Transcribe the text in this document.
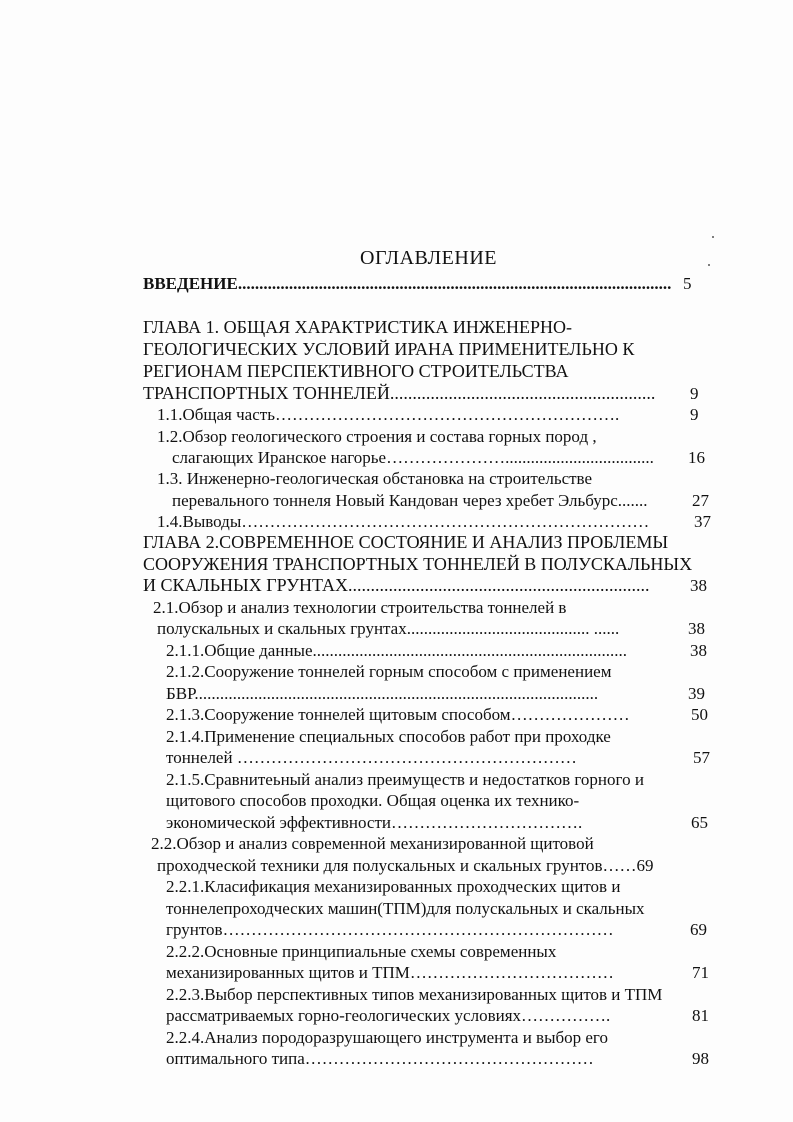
ОГЛАВЛЕНИЕ
ВВЕДЕНИЕ...................................................................................................... 5
ГЛАВА 1. ОБЩАЯ ХАРАКТРИСТИКА ИНЖЕНЕРНО-
ГЕОЛОГИЧЕСКИХ УСЛОВИЙ ИРАНА ПРИМЕНИТЕЛЬНО К
РЕГИОНАМ ПЕРСПЕКТИВНОГО СТРОИТЕЛЬСТВА
ТРАНСПОРТНЫХ ТОННЕЛЕЙ........................................................... 9
1.1.Общая часть…………………………………………………….	9
1.2.Обзор геологического строения и состава горных пород ,
слагающих Иранское нагорье…………………................................... 16
1.3. Инженерно-геологическая обстановка на строительстве
перевального тоннеля Новый Кандован через хребет Эльбурс.......	27
1.4.Выводы………………………………………………………………	37
ГЛАВА 2.СОВРЕМЕННОЕ СОСТОЯНИЕ И АНАЛИЗ ПРОБЛЕМЫ
СООРУЖЕНИЯ ТРАНСПОРТНЫХ ТОННЕЛЕЙ В ПОЛУСКАЛЬНЫХ
И СКАЛЬНЫХ ГРУНТАХ................................................................... 38
2.1.Обзор и анализ технологии строительства тоннелей в
полускальных и скальных грунтах........................................... ......	38
2.1.1.Общие данные..........................................................................	38
2.1.2.Сооружение тоннелей горным способом с применением
БВР...............................................................................................	39
2.1.3.Сооружение тоннелей щитовым способом…………………	50
2.1.4.Применение специальных способов работ при проходке
тоннелей ……………………………………………………	57
2.1.5.Сравнитеьный анализ преимуществ и недостатков горного и
щитового способов проходки. Общая оценка их технико-
экономической эффективности…………………………….	65
2.2.Обзор и анализ современной механизированной щитовой
проходческой техники для полускальных и скальных грунтов……69
2.2.1.Класификация механизированных проходческих щитов и
тоннелепроходческих машин(ТПМ)для полускальных и скальных
грунтов……………………………………………………………	69
2.2.2.Основные принципиальные схемы современных
механизированных щитов и ТПМ………………………………	71
2.2.3.Выбор перспективных типов механизированных щитов и ТПМ
рассматриваемых горно-геологических условиях…………….	81
2.2.4.Анализ породоразрушающего инструмента и выбор его
оптимального типа……………………………………………	98
